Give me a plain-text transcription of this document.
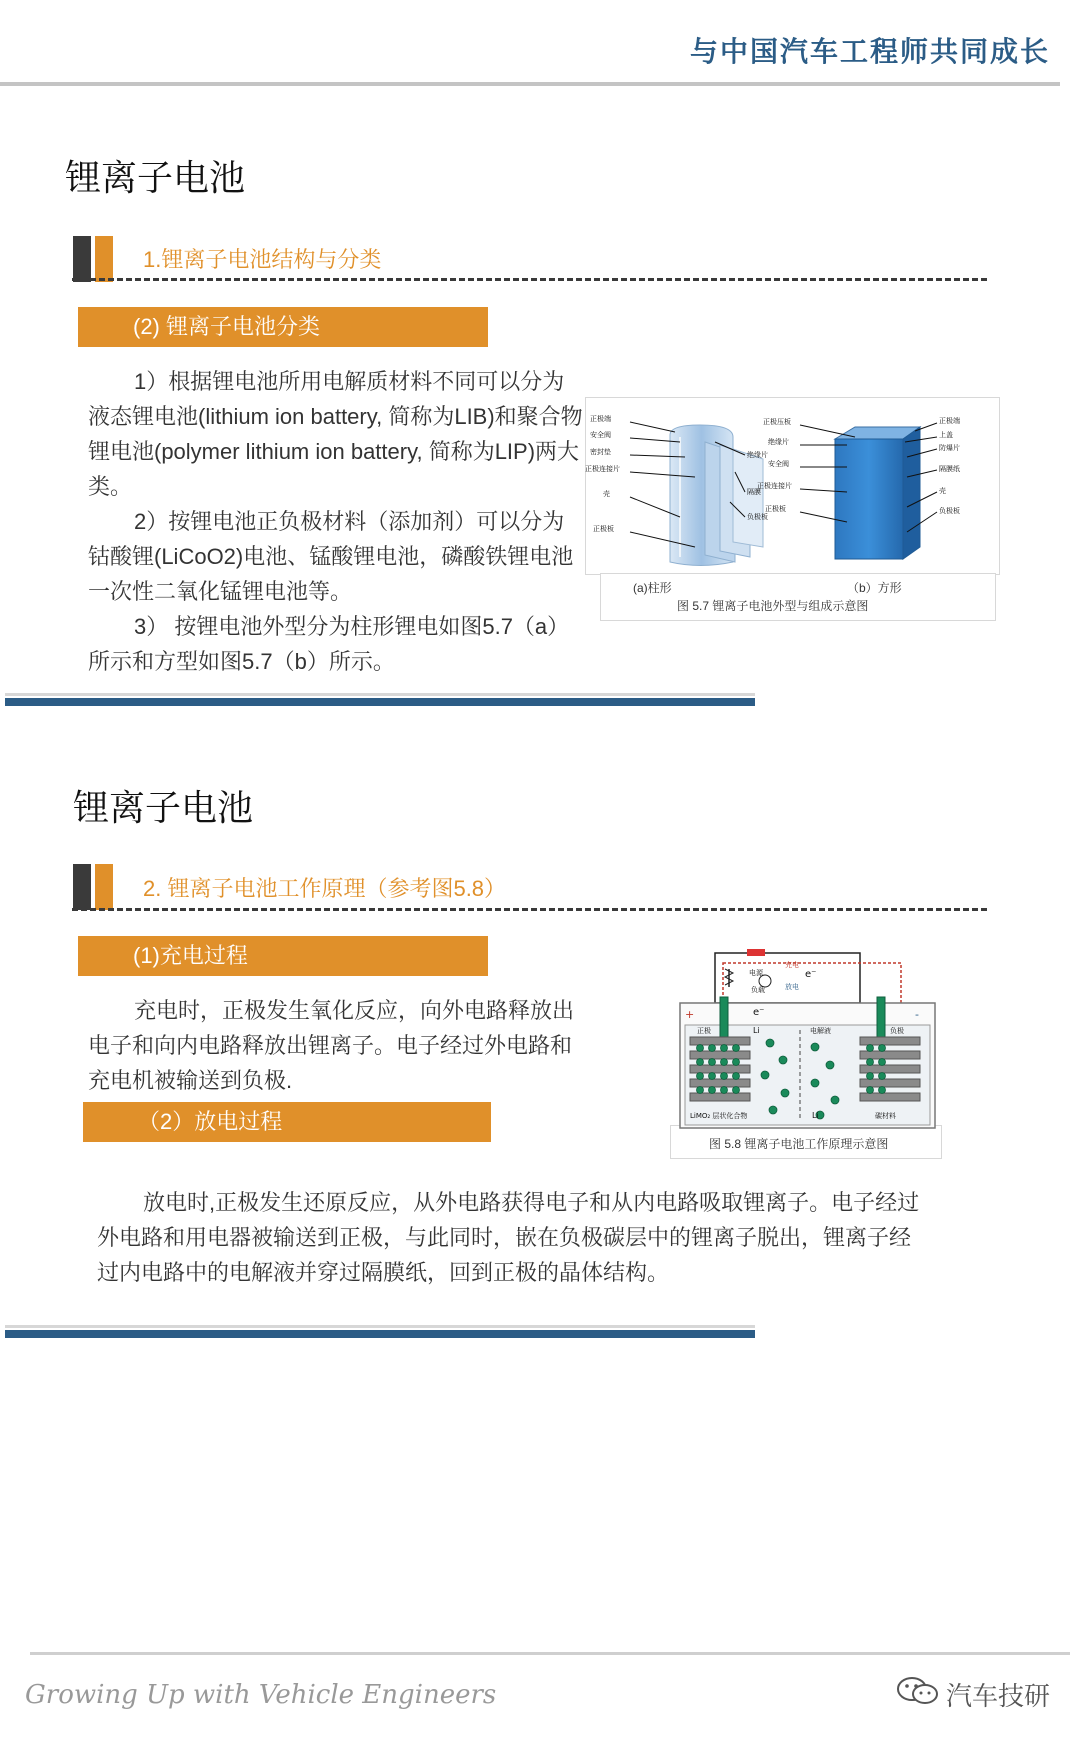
与中国汽车工程师共同成长
锂离子电池
1.锂离子电池结构与分类
(2) 锂离子电池分类

1）根据锂电池所用电解质材料不同可以分为液态锂电池(lithium ion battery, 简称为LIB)和聚合物锂电池(polymer lithium ion battery, 简称为LIP)两大类。

2）按锂电池正负极材料（添加剂）可以分为钴酸锂(LiCoO2)电池、锰酸锂电池，磷酸铁锂电池一次性二氧化锰锂电池等。

3） 按锂电池外型分为柱形锂电如图5.7（a）所示和方型如图5.7（b）所示。

正极端
安全阀
密封垫
正极连接片
壳
正极板
绝缘片
隔膜
负极板
正极压板
绝缘片
安全阀
正极连接片
正极板
正极端
上盖
防爆片
隔膜纸
壳
负极板
(a)柱形	（b）方形
图 5.7 锂离子电池外型与组成示意图
锂离子电池
2. 锂离子电池工作原理（参考图5.8）
(1)充电过程

充电时，正极发生氧化反应，向外电路释放出电子和向内电路释放出锂离子。电子经过外电路和充电机被输送到负极.

（2）放电过程
电源
负载
e⁻
e⁻
充电
放电
+	-
正极	Li	电解液	负极
LiMO₂ 层状化合物	Li	碳材料
图 5.8 锂离子电池工作原理示意图

放电时,正极发生还原反应，从外电路获得电子和从内电路吸取锂离子。电子经过外电路和用电器被输送到正极，与此同时，嵌在负极碳层中的锂离子脱出，锂离子经过内电路中的电解液并穿过隔膜纸，回到正极的晶体结构。

Growing Up with Vehicle Engineers	汽车技研
